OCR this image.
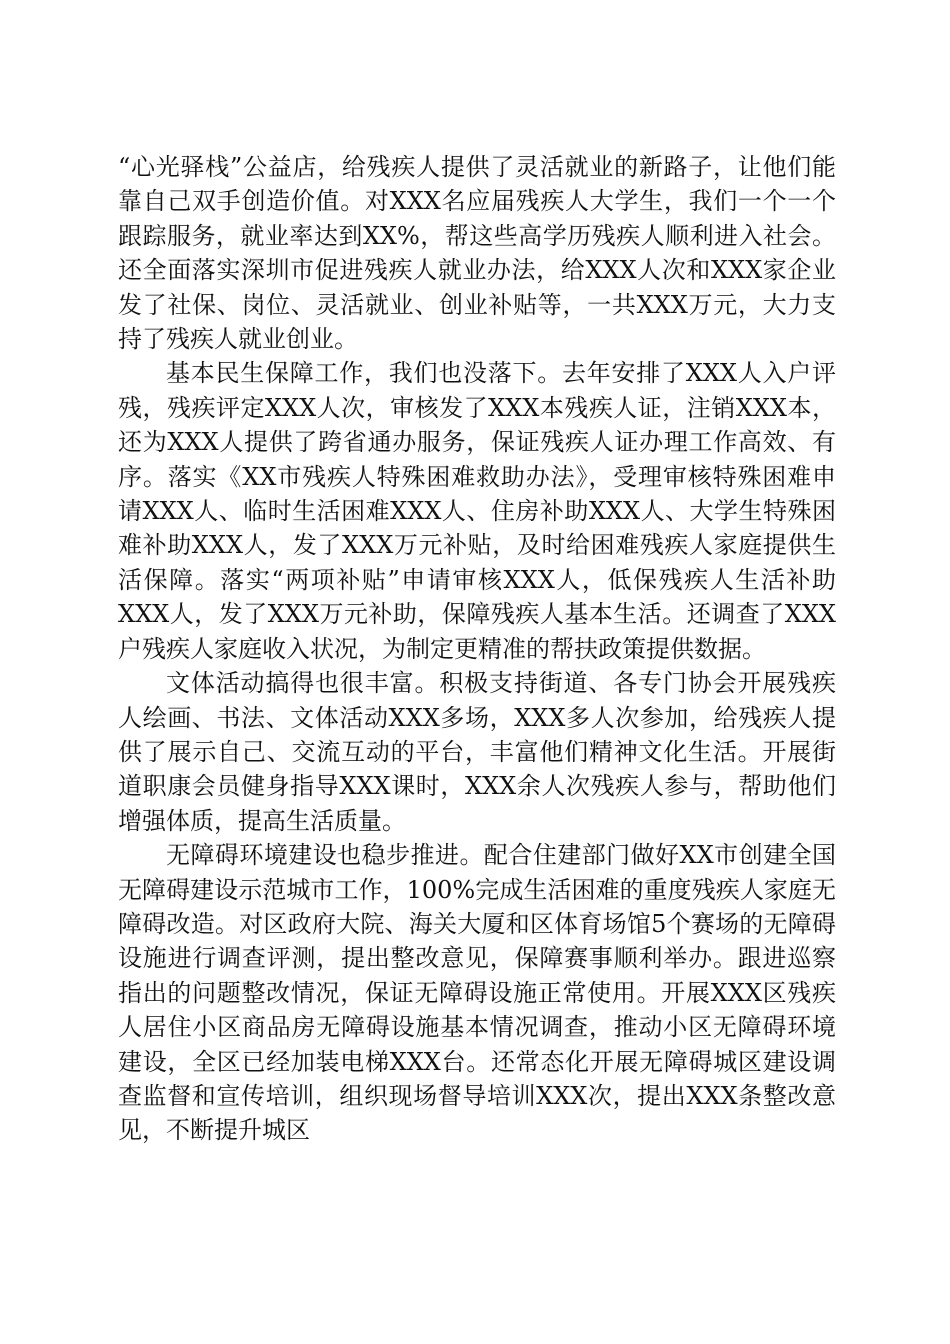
“心光驿栈”公益店，给残疾人提供了灵活就业的新路子，让他们能靠自己双手创造价值。对XXX名应届残疾人大学生，我们一个一个跟踪服务，就业率达到XX%，帮这些高学历残疾人顺利进入社会。还全面落实深圳市促进残疾人就业办法，给XXX人次和XXX家企业发了社保、岗位、灵活就业、创业补贴等，一共XXX万元，大力支持了残疾人就业创业。

基本民生保障工作，我们也没落下。去年安排了XXX人入户评残，残疾评定XXX人次，审核发了XXX本残疾人证，注销XXX本，还为XXX人提供了跨省通办服务，保证残疾人证办理工作高效、有序。落实《XX市残疾人特殊困难救助办法》，受理审核特殊困难申请XXX人、临时生活困难XXX人、住房补助XXX人、大学生特殊困难补助XXX人，发了XXX万元补贴，及时给困难残疾人家庭提供生活保障。落实“两项补贴”申请审核XXX人，低保残疾人生活补助XXX人，发了XXX万元补助，保障残疾人基本生活。还调查了XXX户残疾人家庭收入状况，为制定更精准的帮扶政策提供数据。

文体活动搞得也很丰富。积极支持街道、各专门协会开展残疾人绘画、书法、文体活动XXX多场，XXX多人次参加，给残疾人提供了展示自己、交流互动的平台，丰富他们精神文化生活。开展街道职康会员健身指导XXX课时，XXX余人次残疾人参与，帮助他们增强体质，提高生活质量。

无障碍环境建设也稳步推进。配合住建部门做好XX市创建全国无障碍建设示范城市工作，100%完成生活困难的重度残疾人家庭无障碍改造。对区政府大院、海关大厦和区体育场馆5个赛场的无障碍设施进行调查评测，提出整改意见，保障赛事顺利举办。跟进巡察指出的问题整改情况，保证无障碍设施正常使用。开展XXX区残疾人居住小区商品房无障碍设施基本情况调查，推动小区无障碍环境建设，全区已经加装电梯XXX台。还常态化开展无障碍城区建设调查监督和宣传培训，组织现场督导培训XXX次，提出XXX条整改意见，不断提升城区
